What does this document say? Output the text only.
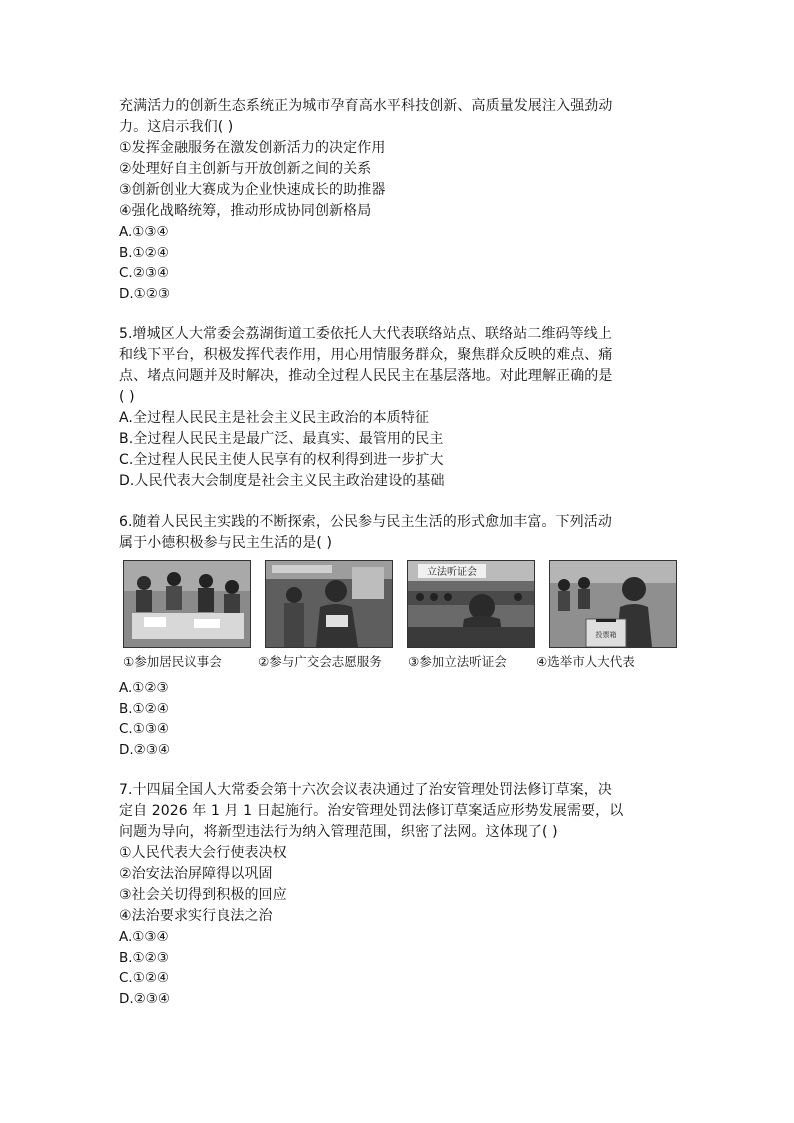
充满活力的创新生态系统正为城市孕育高水平科技创新、高质量发展注入强劲动
力。这启示我们( )
①发挥金融服务在激发创新活力的决定作用
②处理好自主创新与开放创新之间的关系
③创新创业大赛成为企业快速成长的助推器
④强化战略统筹，推动形成协同创新格局
A.①③④
B.①②④
C.②③④
D.①②③
5.增城区人大常委会荔湖街道工委依托人大代表联络站点、联络站二维码等线上
和线下平台，积极发挥代表作用，用心用情服务群众，聚焦群众反映的难点、痛
点、堵点问题并及时解决，推动全过程人民民主在基层落地。对此理解正确的是
( )
A.全过程人民民主是社会主义民主政治的本质特征
B.全过程人民民主是最广泛、最真实、最管用的民主
C.全过程人民民主使人民享有的权利得到进一步扩大
D.人民代表大会制度是社会主义民主政治建设的基础
6.随着人民民主实践的不断探索，公民参与民主生活的形式愈加丰富。下列活动
属于小德积极参与民主生活的是( )
立法听证会
投票箱
①参加居民议事会	②参与广交会志愿服务	③参加立法听证会	④选举市人大代表
A.①②③
B.①②④
C.①③④
D.②③④
7.十四届全国人大常委会第十六次会议表决通过了治安管理处罚法修订草案，决
定自 2026 年 1 月 1 日起施行。治安管理处罚法修订草案适应形势发展需要，以
问题为导向，将新型违法行为纳入管理范围，织密了法网。这体现了( )
①人民代表大会行使表决权
②治安法治屏障得以巩固
③社会关切得到积极的回应
④法治要求实行良法之治
A.①③④
B.①②③
C.①②④
D.②③④
